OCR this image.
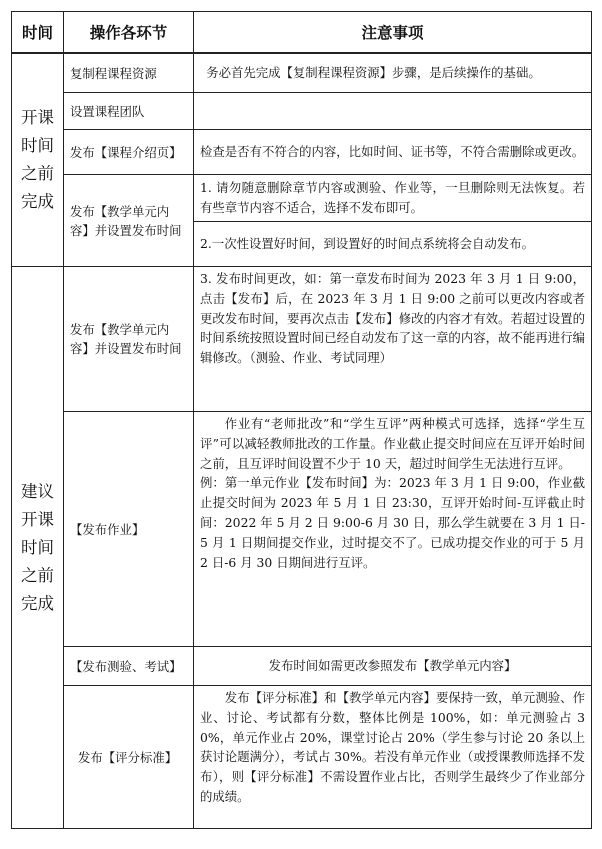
时间	操作各环节	注意事项

开课时间之前完成	复制程课程资源	务必首先完成【复制程课程资源】步骤，是后续操作的基础。
	设置课程团队	
	发布【课程介绍页】	检查是否有不符合的内容，比如时间、证书等，不符合需删除或更改。
	发布【教学单元内容】并设置发布时间	1. 请勿随意删除章节内容或测验、作业等，一旦删除则无法恢复。若有些章节内容不适合，选择不发布即可。
		2.一次性设置好时间，到设置好的时间点系统将会自动发布。

建议开课时间之前完成	发布【教学单元内容】并设置发布时间	3. 发布时间更改，如：第一章发布时间为 2023 年 3 月 1 日 9:00，点击【发布】后，在 2023 年 3 月 1 日 9:00 之前可以更改内容或者更改发布时间，要再次点击【发布】修改的内容才有效。若超过设置的时间系统按照设置时间已经自动发布了这一章的内容，故不能再进行编辑修改。（测验、作业、考试同理）
	【发布作业】	作业有“老师批改”和“学生互评”两种模式可选择，选择“学生互评”可以减轻教师批改的工作量。作业截止提交时间应在互评开始时间之前，且互评时间设置不少于 10 天，超过时间学生无法进行互评。

例：第一单元作业【发布时间】为：2023 年 3 月 1 日 9:00，作业截止提交时间为 2023 年 5 月 1 日 23:30，互评开始时间-互评截止时间：2022 年 5 月 2 日 9:00-6 月 30 日，那么学生就要在 3 月 1 日-5 月 1 日期间提交作业，过时提交不了。已成功提交作业的可于 5 月 2 日-6 月 30 日期间进行互评。

	【发布测验、考试】	发布时间如需更改参照发布【教学单元内容】
	发布【评分标准】	发布【评分标准】和【教学单元内容】要保持一致，单元测验、作业、讨论、考试都有分数，整体比例是 100%，如：单元测验占 30%，单元作业占 20%，课堂讨论占 20%（学生参与讨论 20 条以上获讨论题满分），考试占 30%。若没有单元作业（或授课教师选择不发布），则【评分标准】不需设置作业占比，否则学生最终少了作业部分的成绩。
